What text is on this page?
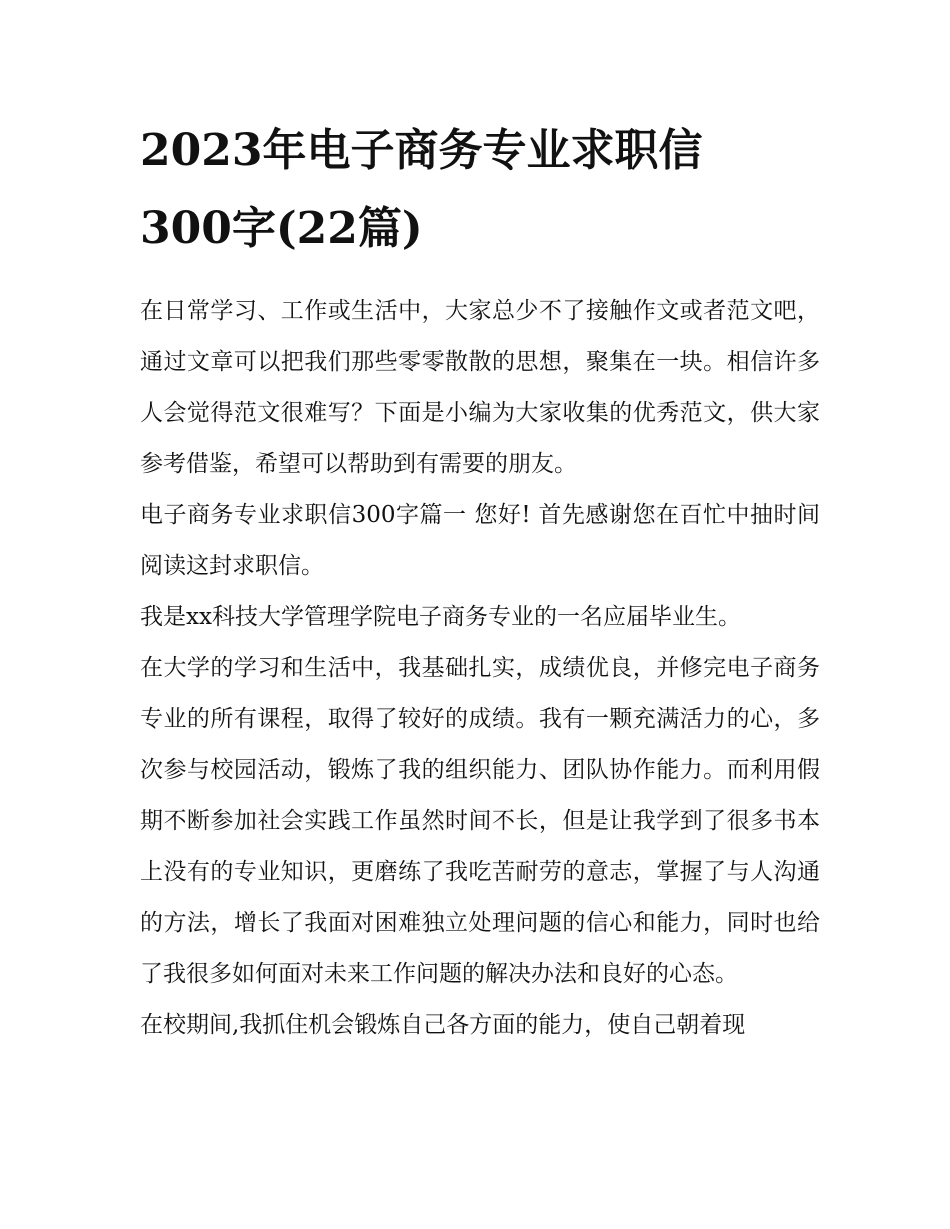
2023年电子商务专业求职信300字(22篇)

在日常学习、工作或生活中，大家总少不了接触作文或者范文吧，通过文章可以把我们那些零零散散的思想，聚集在一块。相信许多人会觉得范文很难写？下面是小编为大家收集的优秀范文，供大家参考借鉴，希望可以帮助到有需要的朋友。

电子商务专业求职信300字篇一 您好! 首先感谢您在百忙中抽时间阅读这封求职信。

我是xx科技大学管理学院电子商务专业的一名应届毕业生。

在大学的学习和生活中，我基础扎实，成绩优良，并修完电子商务专业的所有课程，取得了较好的成绩。我有一颗充满活力的心，多次参与校园活动，锻炼了我的组织能力、团队协作能力。而利用假期不断参加社会实践工作虽然时间不长，但是让我学到了很多书本上没有的专业知识，更磨练了我吃苦耐劳的意志，掌握了与人沟通的方法，增长了我面对困难独立处理问题的信心和能力，同时也给了我很多如何面对未来工作问题的解决办法和良好的心态。

在校期间,我抓住机会锻炼自己各方面的能力，使自己朝着现
